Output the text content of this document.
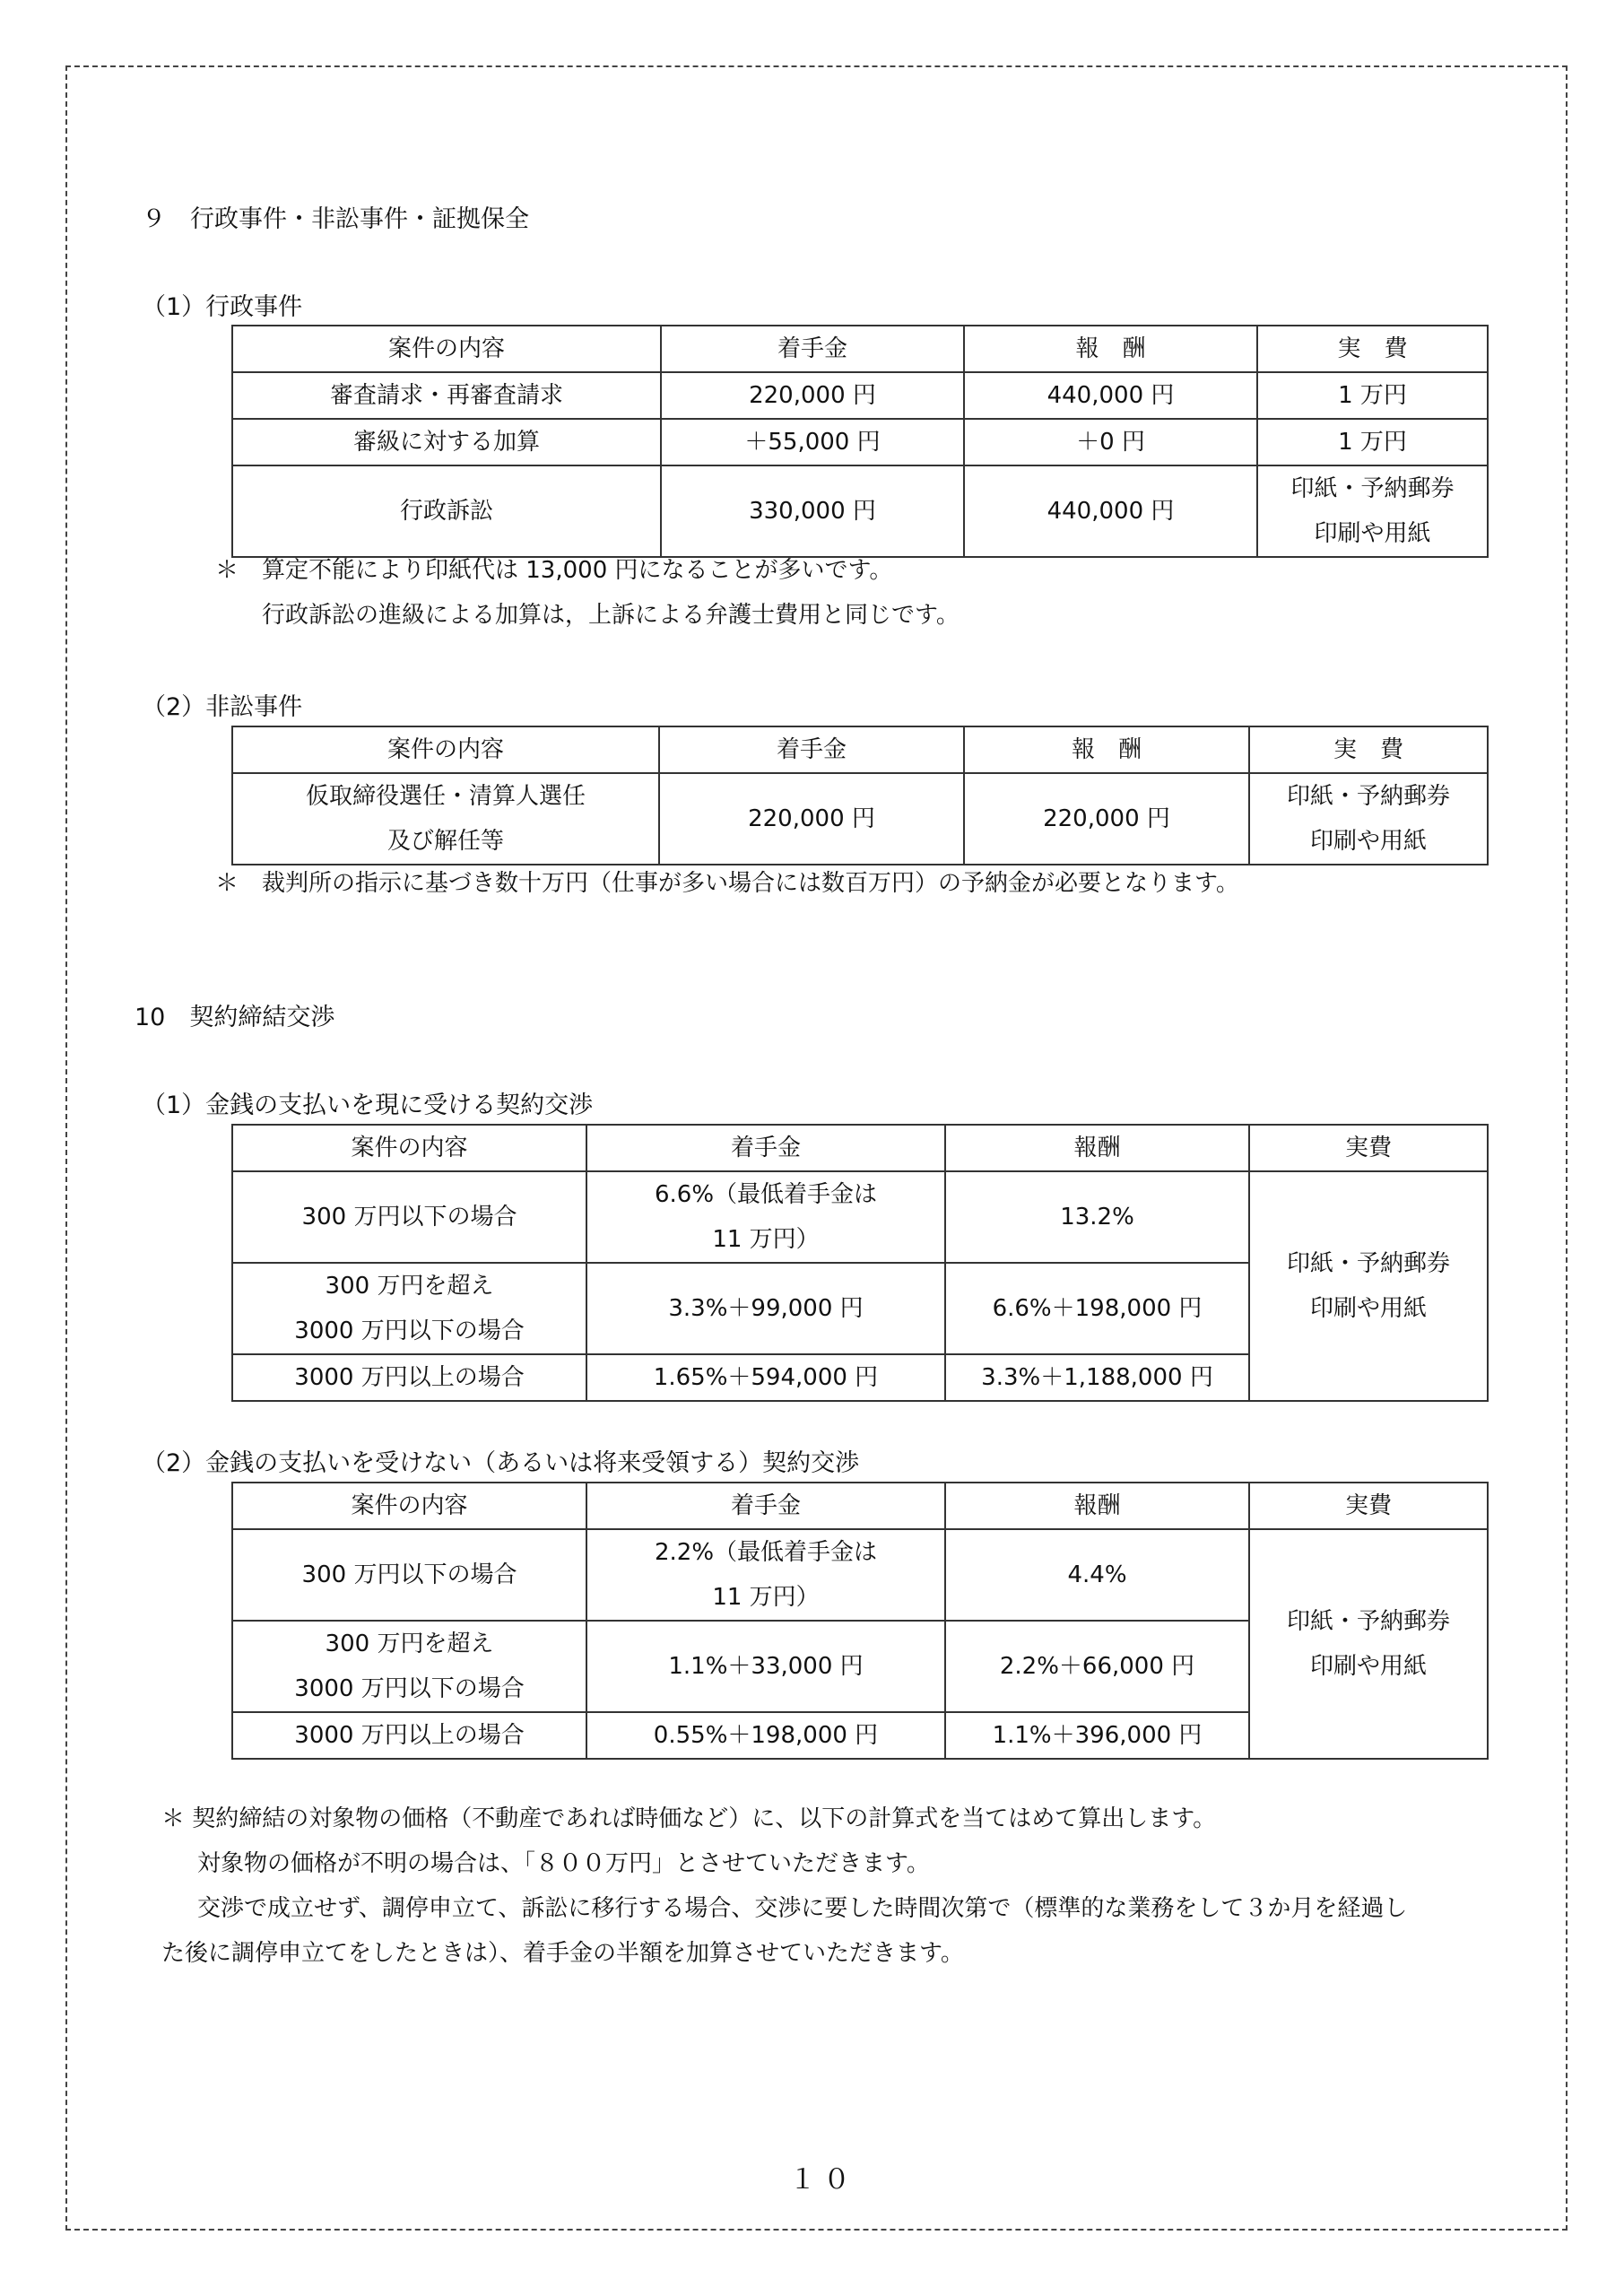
９　行政事件・非訟事件・証拠保全
（1）行政事件
案件の内容	着手金	報　酬	実　費
審査請求・再審査請求	220,000 円	440,000 円	1 万円
審級に対する加算	＋55,000 円	＋0 円	1 万円
行政訴訟	330,000 円	440,000 円	印紙・予納郵券
印刷や用紙
＊　算定不能により印紙代は 13,000 円になることが多いです。
行政訴訟の進級による加算は，上訴による弁護士費用と同じです。
（2）非訟事件
案件の内容	着手金	報　酬	実　費

仮取締役選任・清算人選任
及び解任等	220,000 円	220,000 円	印紙・予納郵券
印刷や用紙
＊　裁判所の指示に基づき数十万円（仕事が多い場合には数百万円）の予納金が必要となります。
10　契約締結交渉
（1）金銭の支払いを現に受ける契約交渉
案件の内容	着手金	報酬	実費
300 万円以下の場合	6.6%（最低着手金は
11 万円）	13.2%	印紙・予納郵券
印刷や用紙

300 万円を超え
3000 万円以下の場合	3.3%＋99,000 円	6.6%＋198,000 円	
3000 万円以上の場合	1.65%＋594,000 円	3.3%＋1,188,000 円	
（2）金銭の支払いを受けない（あるいは将来受領する）契約交渉
案件の内容	着手金	報酬	実費
300 万円以下の場合	2.2%（最低着手金は
11 万円）	4.4%	印紙・予納郵券
印刷や用紙

300 万円を超え
3000 万円以下の場合	1.1%＋33,000 円	2.2%＋66,000 円	
3000 万円以上の場合	0.55%＋198,000 円	1.1%＋396,000 円	
＊ 契約締結の対象物の価格（不動産であれば時価など）に、以下の計算式を当てはめて算出します。
対象物の価格が不明の場合は、「８００万円」とさせていただきます。
交渉で成立せず、調停申立て、訴訟に移行する場合、交渉に要した時間次第で（標準的な業務をして３か月を経過し
た後に調停申立てをしたときは）、着手金の半額を加算させていただきます。
１０
